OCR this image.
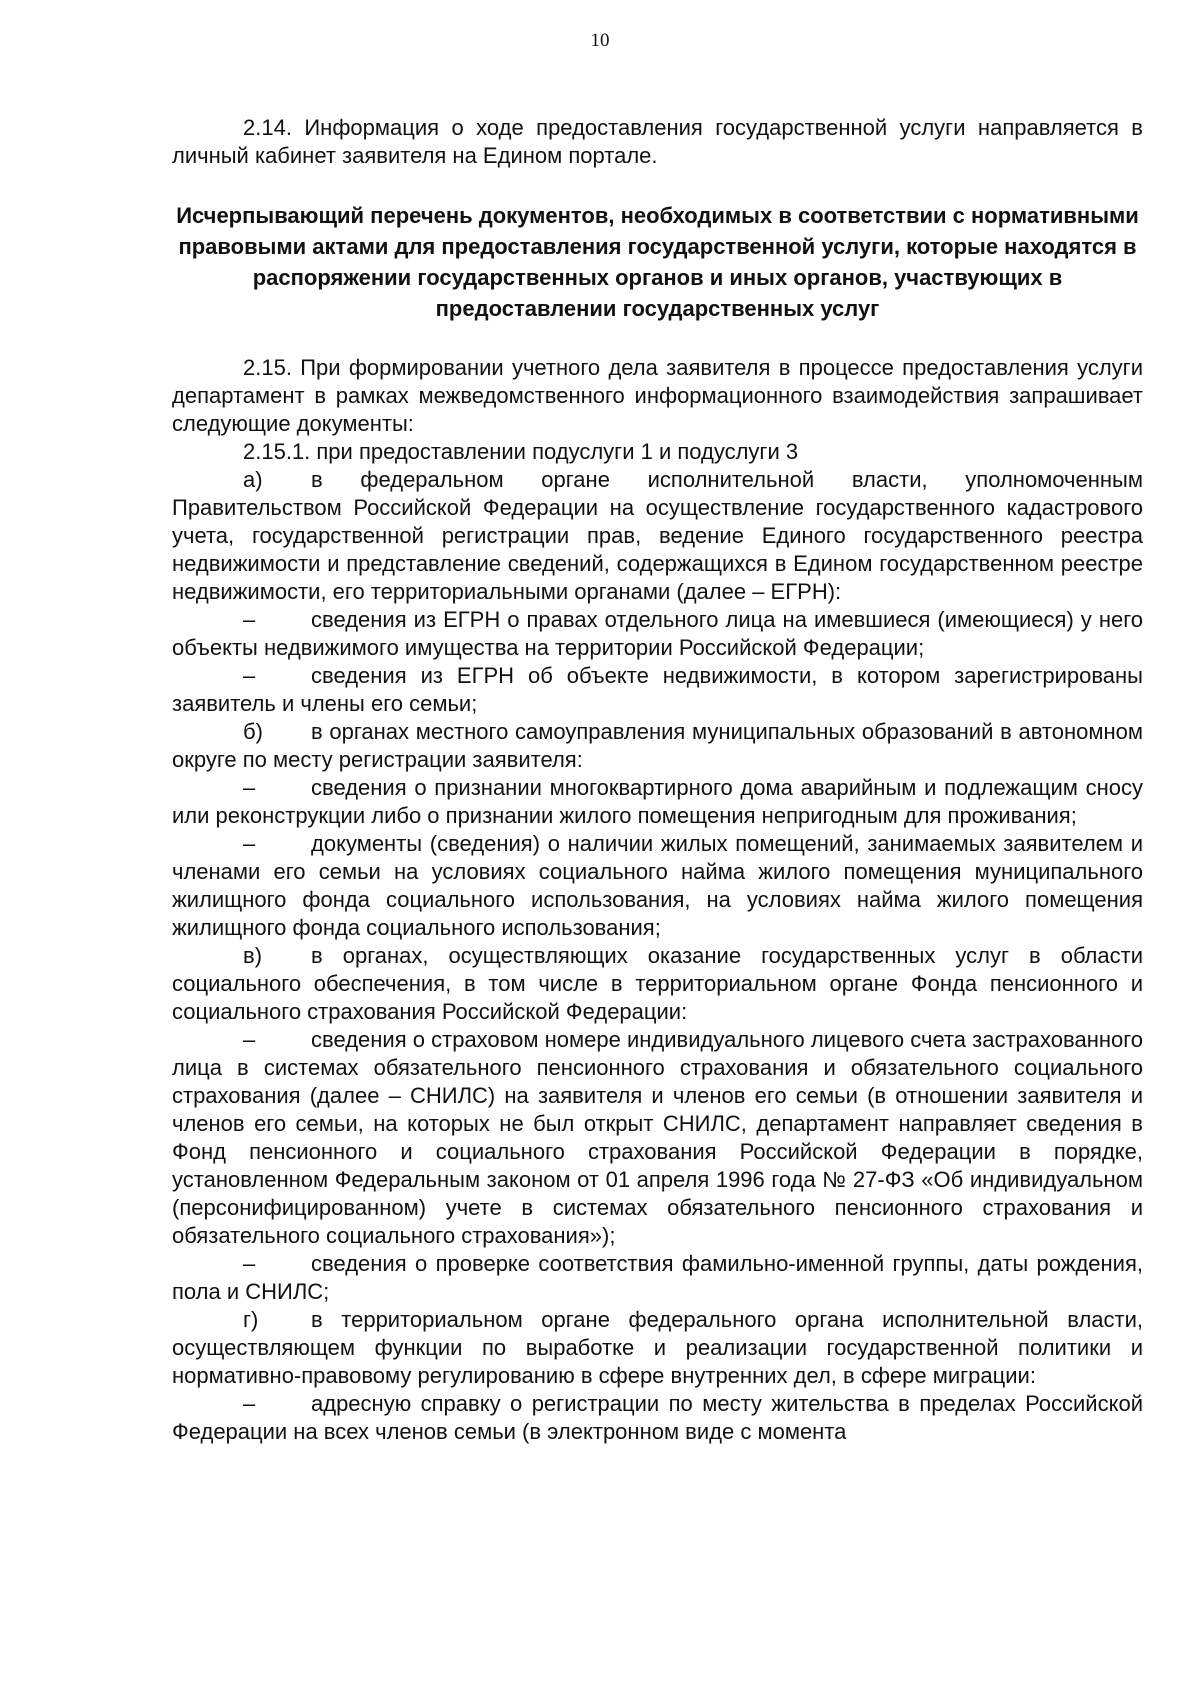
10

2.14. Информация о ходе предоставления государственной услуги направляется в личный кабинет заявителя на Едином портале.

Исчерпывающий перечень документов, необходимых в соответствии с нормативными правовыми актами для предоставления государственной услуги, которые находятся в распоряжении государственных органов и иных органов, участвующих в предоставлении государственных услуг

2.15. При формировании учетного дела заявителя в процессе предоставления услуги департамент в рамках межведомственного информационного взаимодействия запрашивает следующие документы:

2.15.1. при предоставлении подуслуги 1 и подуслуги 3

а) в федеральном органе исполнительной власти, уполномоченным Правительством Российской Федерации на осуществление государственного кадастрового учета, государственной регистрации прав, ведение Единого государственного реестра недвижимости и представление сведений, содержащихся в Едином государственном реестре недвижимости, его территориальными органами (далее – ЕГРН):

–	сведения из ЕГРН о правах отдельного лица на имевшиеся (имеющиеся) у него объекты недвижимого имущества на территории Российской Федерации;

–	сведения из ЕГРН об объекте недвижимости, в котором зарегистрированы заявитель и члены его семьи;

б) в органах местного самоуправления муниципальных образований в автономном округе по месту регистрации заявителя:

–	сведения о признании многоквартирного дома аварийным и подлежащим сносу или реконструкции либо о признании жилого помещения непригодным для проживания;

–	документы (сведения) о наличии жилых помещений, занимаемых заявителем и членами его семьи на условиях социального найма жилого помещения муниципального жилищного фонда социального использования, на условиях найма жилого помещения жилищного фонда социального использования;

в) в органах, осуществляющих оказание государственных услуг в области социального обеспечения, в том числе в территориальном органе Фонда пенсионного и социального страхования Российской Федерации:

–	сведения о страховом номере индивидуального лицевого счета застрахованного лица в системах обязательного пенсионного страхования и обязательного социального страхования (далее – СНИЛС) на заявителя и членов его семьи (в отношении заявителя и членов его семьи, на которых не был открыт СНИЛС, департамент направляет сведения в Фонд пенсионного и социального страхования Российской Федерации в порядке, установленном Федеральным законом от 01 апреля 1996 года № 27-ФЗ «Об индивидуальном (персонифицированном) учете в системах обязательного пенсионного страхования и обязательного социального страхования»);

–	сведения о проверке соответствия фамильно-именной группы, даты рождения, пола и СНИЛС;

г) в территориальном органе федерального органа исполнительной власти, осуществляющем функции по выработке и реализации государственной политики и нормативно-правовому регулированию в сфере внутренних дел, в сфере миграции:

–	адресную справку о регистрации по месту жительства в пределах Российской Федерации на всех членов семьи (в электронном виде с момента
